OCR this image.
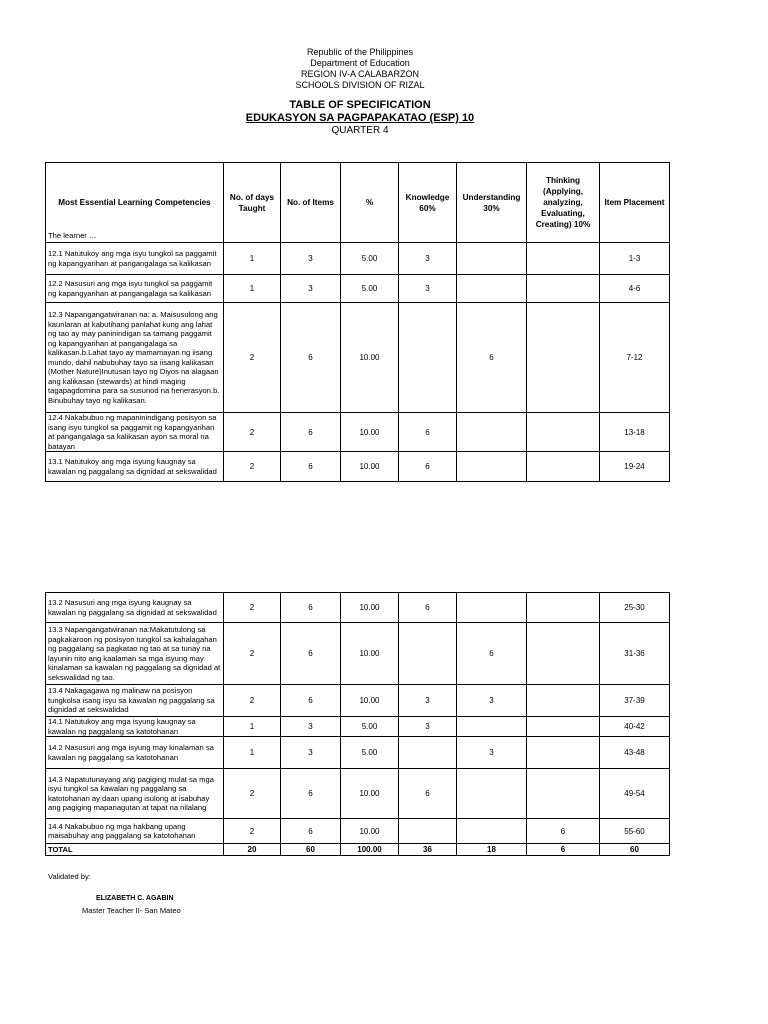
Republic of the Philippines
Department of Education
REGION IV-A CALABARZON
SCHOOLS DIVISION OF RIZAL
TABLE OF SPECIFICATION
EDUKASYON SA PAGPAPAKATAO (ESP) 10
QUARTER 4
Most Essential Learning Competencies
The learner …	No. of days Taught	No. of Items	%	Knowledge 60%	Understanding 30%	Thinking (Applying, analyzing, Evaluating, Creating) 10%	Item Placement
12.1 Natutukoy ang mga isyu tungkol sa paggamit ng kapangyarihan at pangangalaga sa kalikasan	1	3	5.00	3			1-3
12.2 Nasusuri ang mga isyu tungkol sa paggamit ng kapangyarihan at pangangalaga sa kalikasan	1	3	5.00	3			4-6
12.3 Napangangatwiranan na: a. Maisusulong ang kaunlaran at kabutihang panlahat kung ang lahat ng tao ay may paninindigan sa tamang paggamit ng kapangyarihan at pangangalaga sa kalikasan.b.Lahat tayo ay mamamayan ng iisang mundo, dahil nabubuhay tayo sa iisang kalikasan (Mother Nature)Inutusan tayo ng Diyos na alagaan ang kalikasan (stewards) at hindi maging tagapagdomina para sa susunod na henerasyon.b. Binubuhay tayo ng kalikasan.	2	6	10.00		6		7-12
12.4 Nakabubuo ng mapaninindigang posisyon sa isang isyu tungkol sa paggamit ng kapangyarihan at pangangalaga sa kalikasan ayon sa moral na batayan	2	6	10.00	6			13-18
13.1 Natutukoy ang mga isyung kaugnay sa kawalan ng paggalang sa dignidad at sekswalidad	2	6	10.00	6			19-24
13.2 Nasusuri ang mga isyung kaugnay sa kawalan ng paggalang sa dignidad at sekswalidad	2	6	10.00	6			25-30
13.3 Napangangatwiranan na:Makatutulong sa pagkakaroon ng posisyon tungkol sa kahalagahan ng paggalang sa pagkatao ng tao at sa tunay na layunin nito ang kaalaman sa mga isyung may kinalaman sa kawalan ng paggalang sa dignidad at sekswalidad ng tao.	2	6	10.00		6		31-36
13.4 Nakagagawa ng malinaw na posisyon tungkolsa isang isyu sa kawalan ng paggalang sa dignidad at sekswalidad	2	6	10.00	3	3		37-39
14.1 Natutukoy ang mga isyung kaugnay sa kawalan ng paggalang sa katotohanan	1	3	5.00	3			40-42
14.2 Nasusuri ang mga isyung may kinalaman sa kawalan ng paggalang sa katotohanan	1	3	5.00		3		43-48
14.3 Napatutunayang ang pagiging mulat sa mga isyu tungkol sa kawalan ng paggalang sa katotohanan ay daan upang isulong at isabuhay ang pagiging mapanagutan at tapat na nilalang	2	6	10.00	6			49-54
14.4 Nakabubuo ng mga hakbang upang maisabuhay ang paggalang sa katotohanan	2	6	10.00			6	55-60
TOTAL	20	60	100.00	36	18	6	60
Validated by:
ELIZABETH C. AGABIN
Master Teacher II- San Mateo
